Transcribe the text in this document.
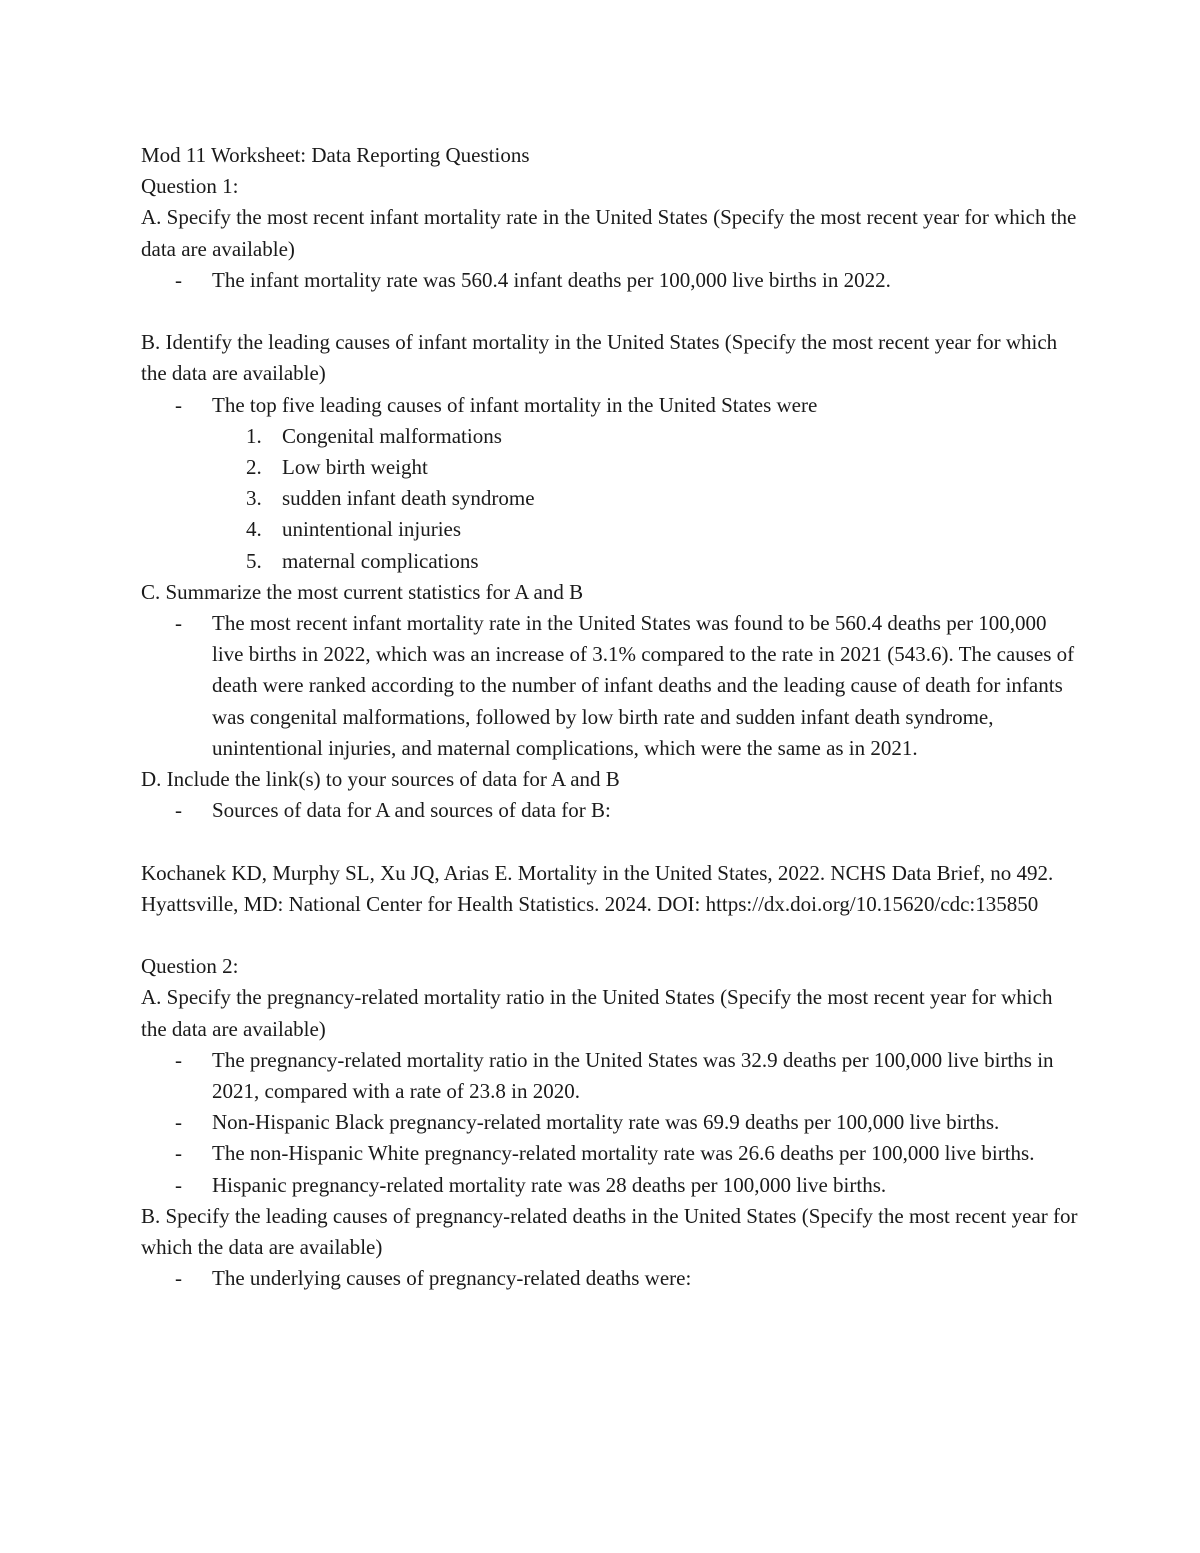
Mod 11 Worksheet: Data Reporting Questions

Question 1:

A. Specify the most recent infant mortality rate in the United States (Specify the most recent year for which the data are available)

- The infant mortality rate was 560.4 infant deaths per 100,000 live births in 2022.

B. Identify the leading causes of infant mortality in the United States (Specify the most recent year for which the data are available)

- The top five leading causes of infant mortality in the United States were
1. Congenital malformations
2. Low birth weight
3. sudden infant death syndrome
4. unintentional injuries
5. maternal complications

C. Summarize the most current statistics for A and B

- The most recent infant mortality rate in the United States was found to be 560.4 deaths per 100,000 live births in 2022, which was an increase of 3.1% compared to the rate in 2021 (543.6). The causes of death were ranked according to the number of infant deaths and the leading cause of death for infants was congenital malformations, followed by low birth rate and sudden infant death syndrome, unintentional injuries, and maternal complications, which were the same as in 2021.

D. Include the link(s) to your sources of data for A and B

- Sources of data for A and sources of data for B:

Kochanek KD, Murphy SL, Xu JQ, Arias E. Mortality in the United States, 2022. NCHS Data Brief, no 492. Hyattsville, MD: National Center for Health Statistics. 2024. DOI: https://dx.doi.org/10.15620/cdc:135850

Question 2:

A. Specify the pregnancy-related mortality ratio in the United States (Specify the most recent year for which the data are available)

- The pregnancy-related mortality ratio in the United States was 32.9 deaths per 100,000 live births in 2021, compared with a rate of 23.8 in 2020.
- Non-Hispanic Black pregnancy-related mortality rate was 69.9 deaths per 100,000 live births.
- The non-Hispanic White pregnancy-related mortality rate was 26.6 deaths per 100,000 live births.
- Hispanic pregnancy-related mortality rate was 28 deaths per 100,000 live births.

B. Specify the leading causes of pregnancy-related deaths in the United States (Specify the most recent year for which the data are available)

- The underlying causes of pregnancy-related deaths were:
